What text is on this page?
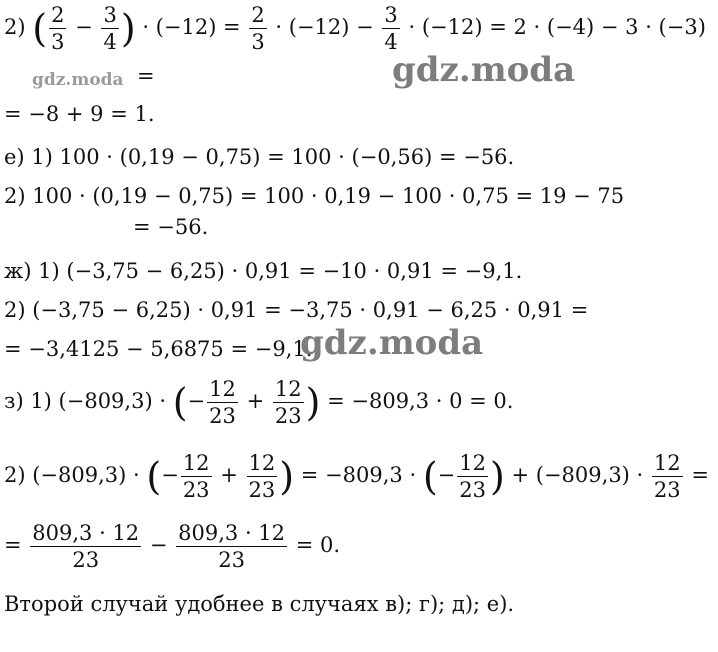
2) ( $\frac{2}{3} - \frac{3}{4}$ ) · $(-12) = \frac{2}{3} \cdot (-12) - \frac{3}{4} \cdot (-12) = 2 \cdot (-4) - 3 \cdot (-3)$
=
gdz.moda	gdz.moda
= −8 + 9 = 1.
е) 1) 100 · (0,19 − 0,75) = 100 · (−0,56) = −56.
2) 100 · (0,19 − 0,75) = 100 · 0,19 − 100 · 0,75 = 19 − 75
= −56.
ж) 1) (−3,75 − 6,25) · 0,91 = −10 · 0,91 = −9,1.
2) (−3,75 − 6,25) · 0,91 = −3,75 · 0,91 − 6,25 · 0,91 =
= −3,4125 − 5,6875 = −9,1.
gdz.moda
з) 1) (−809,3) · (− $\frac{12}{23} + \frac{12}{23}$ ) = −809,3 · 0 = 0.
2) (−809,3) · (− $\frac{12}{23} + \frac{12}{23}$ ) = −809,3 · (− $\frac{12}{23}$ ) + $(-809,3) \cdot \frac{12}{23}$ =
= $\frac{809,3 \cdot 12}{23} - \frac{809,3 \cdot 12}{23} = 0$.
Второй случай удобнее в случаях в); г); д); е).
